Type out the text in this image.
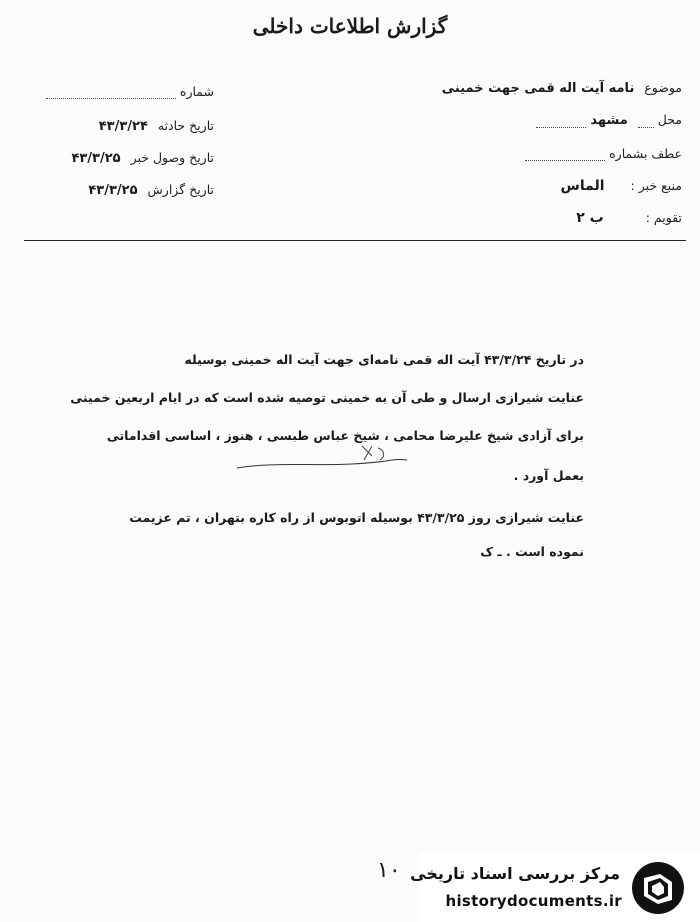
گزارش اطلاعات داخلی
موضوع نامه آیت اله قمی جهت خمینی
محل  مشهد
عطف بشماره
منبع خبر : الماس
تقویم : ب ۲
شماره
تاریخ حادثه ۴۳/۳/۲۴
تاریخ وصول خبر ۴۳/۳/۲۵
تاریخ گزارش ۴۳/۳/۲۵
در تاریخ ۴۳/۳/۲۴ آیت اله قمی نامه‌ای جهت آیت اله خمینی بوسیله
عنایت شیرازی ارسال و طی آن به خمینی توصیه شده است که در ایام اربعین خمینی
برای آزادی شیخ علیرضا محامی ، شیخ عباس طبسی ، هنوز ، اساسی اقداماتی
بعمل آورد .
عنایت شیرازی روز ۴۳/۳/۲۵ بوسیله اتوبوس از راه کاره بتهران ، تم عزیمت
نموده است . ـ ک
۱۰ مرکز بررسی اسناد تاریخی
historydocuments.ir
